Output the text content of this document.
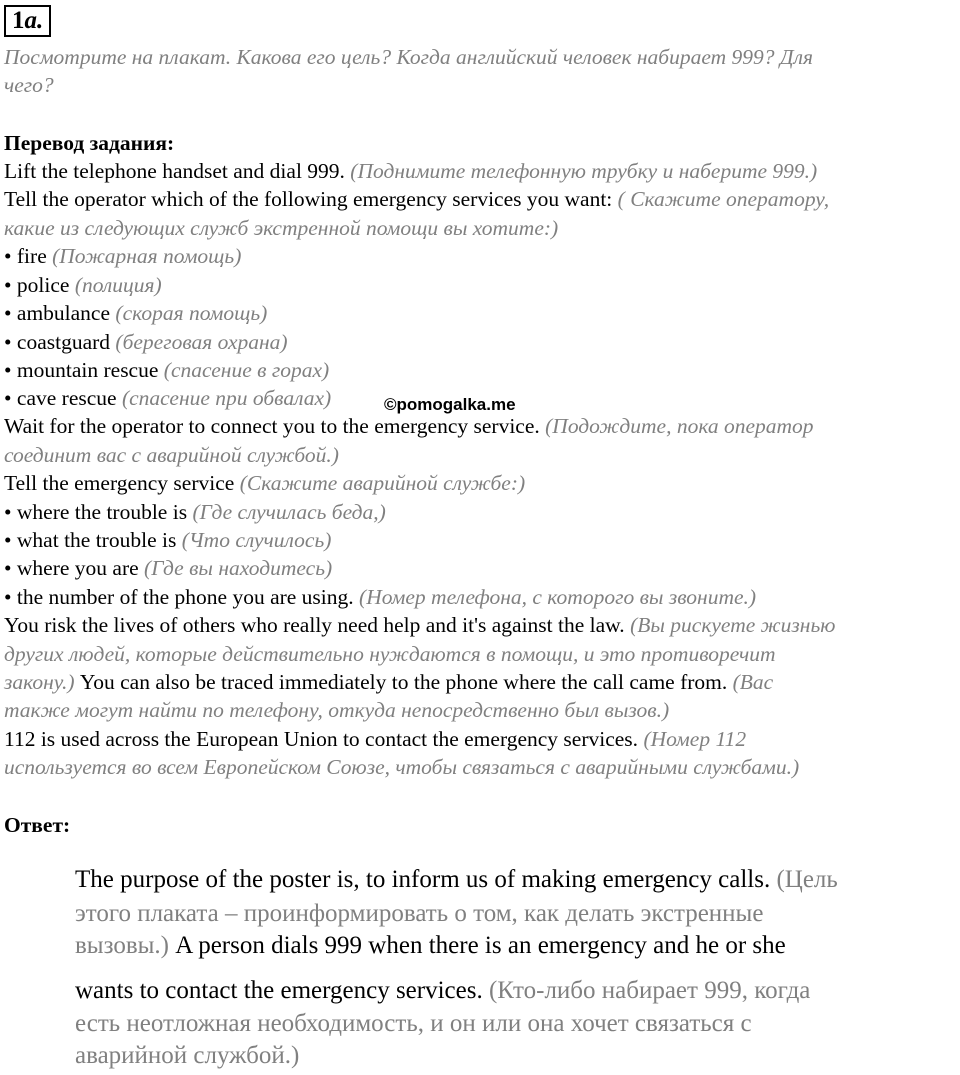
1a.
Посмотрите на плакат. Какова его цель? Когда английский человек набирает 999? Для
чего?
Перевод задания:
Lift the telephone handset and dial 999. (Поднимите телефонную трубку и наберите 999.)
Tell the operator which of the following emergency services you want: ( Скажите оператору,
какие из следующих служб экстренной помощи вы хотите:)
• fire (Пожарная помощь)
• police (полиция)
• ambulance (скорая помощь)
• coastguard (береговая охрана)
• mountain rescue (спасение в горах)
• cave rescue (спасение при обвалах)
Wait for the operator to connect you to the emergency service. (Подождите, пока оператор
соединит вас с аварийной службой.)
Tell the emergency service (Скажите аварийной службе:)
• where the trouble is (Где случилась беда,)
• what the trouble is (Что случилось)
• where you are (Где вы находитесь)
• the number of the phone you are using. (Номер телефона, с которого вы звоните.)
You risk the lives of others who really need help and it's against the law. (Вы рискуете жизнью
других людей, которые действительно нуждаются в помощи, и это противоречит
закону.) You can also be traced immediately to the phone where the call came from. (Вас
также могут найти по телефону, откуда непосредственно был вызов.)
112 is used across the European Union to contact the emergency services. (Номер 112
используется во всем Европейском Союзе, чтобы связаться с аварийными службами.)
©pomogalka.me
Ответ:
The purpose of the poster is, to inform us of making emergency calls. (Цель
этого плаката – проинформировать о том, как делать экстренные
вызовы.) A person dials 999 when there is an emergency and he or she
wants to contact the emergency services. (Кто-либо набирает 999, когда
есть неотложная необходимость, и он или она хочет связаться с
аварийной службой.)
